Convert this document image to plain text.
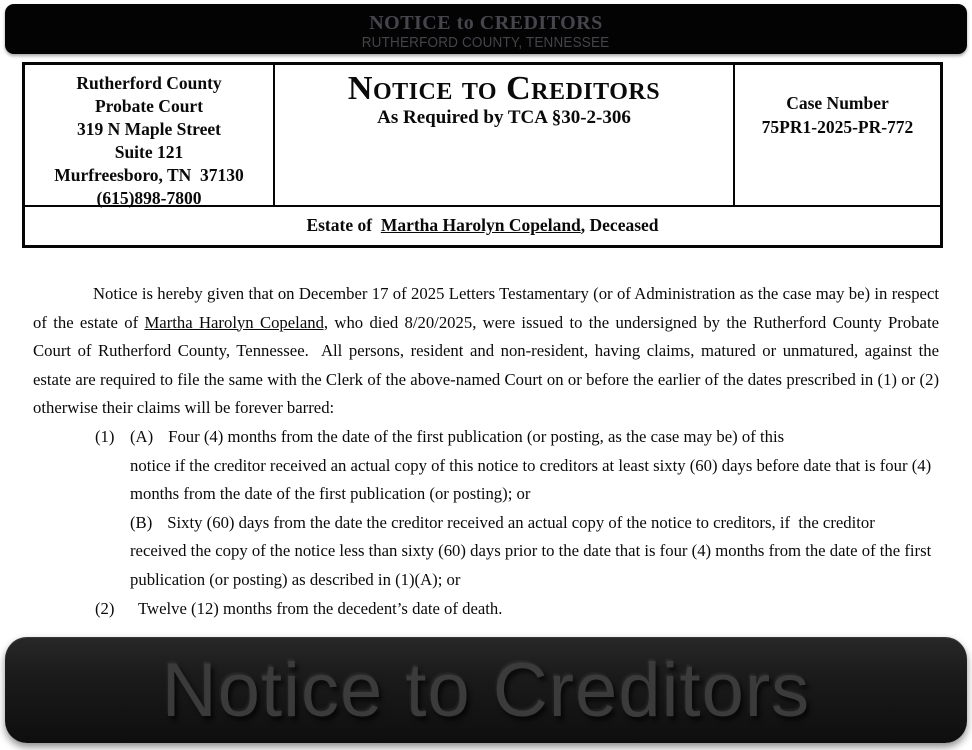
NOTICE to CREDITORS
RUTHERFORD COUNTY, TENNESSEE
Rutherford County
Probate Court
319 N Maple Street
Suite 121
Murfreesboro, TN  37130
(615)898-7800
Notice to Creditors
As Required by TCA §30-2-306
Case Number
75PR1-2025-PR-772
Estate of  Martha Harolyn Copeland, Deceased

Notice is hereby given that on December 17 of 2025 Letters Testamentary (or of Administration as the case may be) in respect of the estate of Martha Harolyn Copeland, who died 8/20/2025, were issued to the undersigned by the Rutherford County Probate Court of Rutherford County, Tennessee.  All persons, resident and non-resident, having claims, matured or unmatured, against the estate are required to file the same with the Clerk of the above-named Court on or before the earlier of the dates prescribed in (1) or (2) otherwise their claims will be forever barred:

(1) (A) Four (4) months from the date of the first publication (or posting, as the case may be) of this
notice if the creditor received an actual copy of this notice to creditors at least sixty (60) days before date that is four (4)
months from the date of the first publication (or posting); or
(B) Sixty (60) days from the date the creditor received an actual copy of the notice to creditors, if  the creditor
received the copy of the notice less than sixty (60) days prior to the date that is four (4) months from the date of the first
publication (or posting) as described in (1)(A); or
(2)	Twelve (12) months from the decedent’s date of death.
Notice to Creditors
